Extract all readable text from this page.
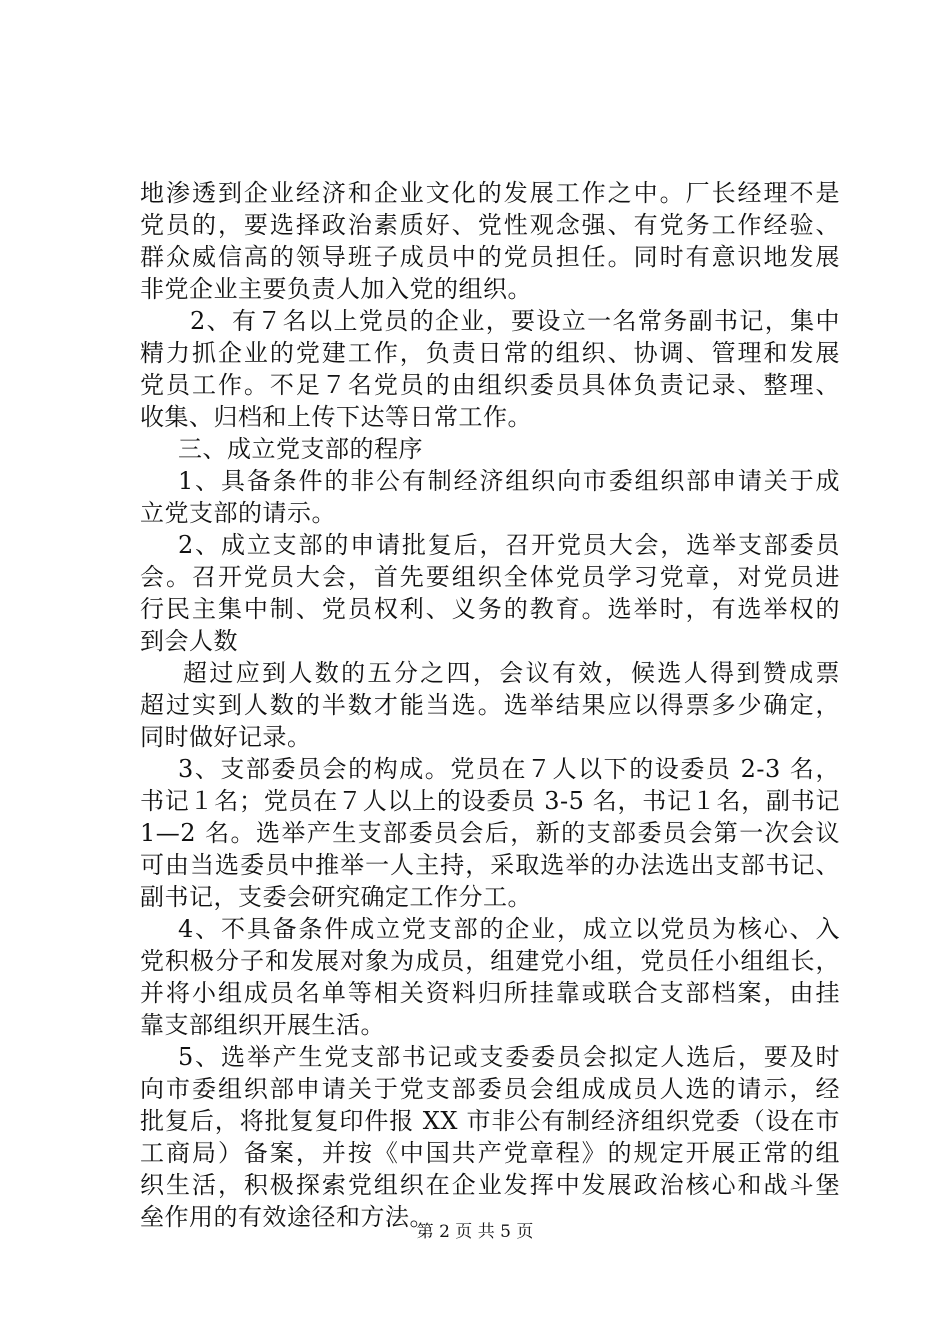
地渗透到企业经济和企业文化的发展工作之中。厂长经理不是
党员的，要选择政治素质好、党性观念强、有党务工作经验、
群众威信高的领导班子成员中的党员担任。同时有意识地发展
非党企业主要负责人加入党的组织。
2、有７名以上党员的企业，要设立一名常务副书记，集中
精力抓企业的党建工作，负责日常的组织、协调、管理和发展
党员工作。不足７名党员的由组织委员具体负责记录、整理、
收集、归档和上传下达等日常工作。
三、成立党支部的程序
1、具备条件的非公有制经济组织向市委组织部申请关于成
立党支部的请示。
2、成立支部的申请批复后，召开党员大会，选举支部委员
会。召开党员大会，首先要组织全体党员学习党章，对党员进
行民主集中制、党员权利、义务的教育。选举时，有选举权的
到会人数
超过应到人数的五分之四，会议有效，候选人得到赞成票
超过实到人数的半数才能当选。选举结果应以得票多少确定，
同时做好记录。
3、支部委员会的构成。党员在７人以下的设委员 2-3 名，
书记１名；党员在７人以上的设委员 3-5 名，书记１名，副书记
1—2 名。选举产生支部委员会后，新的支部委员会第一次会议
可由当选委员中推举一人主持，采取选举的办法选出支部书记、
副书记，支委会研究确定工作分工。
4、不具备条件成立党支部的企业，成立以党员为核心、入
党积极分子和发展对象为成员，组建党小组，党员任小组组长，
并将小组成员名单等相关资料归所挂靠或联合支部档案，由挂
靠支部组织开展生活。
5、选举产生党支部书记或支委委员会拟定人选后，要及时
向市委组织部申请关于党支部委员会组成成员人选的请示，经
批复后，将批复复印件报 XX 市非公有制经济组织党委（设在市
工商局）备案，并按《中国共产党章程》的规定开展正常的组
织生活，积极探索党组织在企业发挥中发展政治核心和战斗堡
垒作用的有效途径和方法。
第 2 页 共 5 页
